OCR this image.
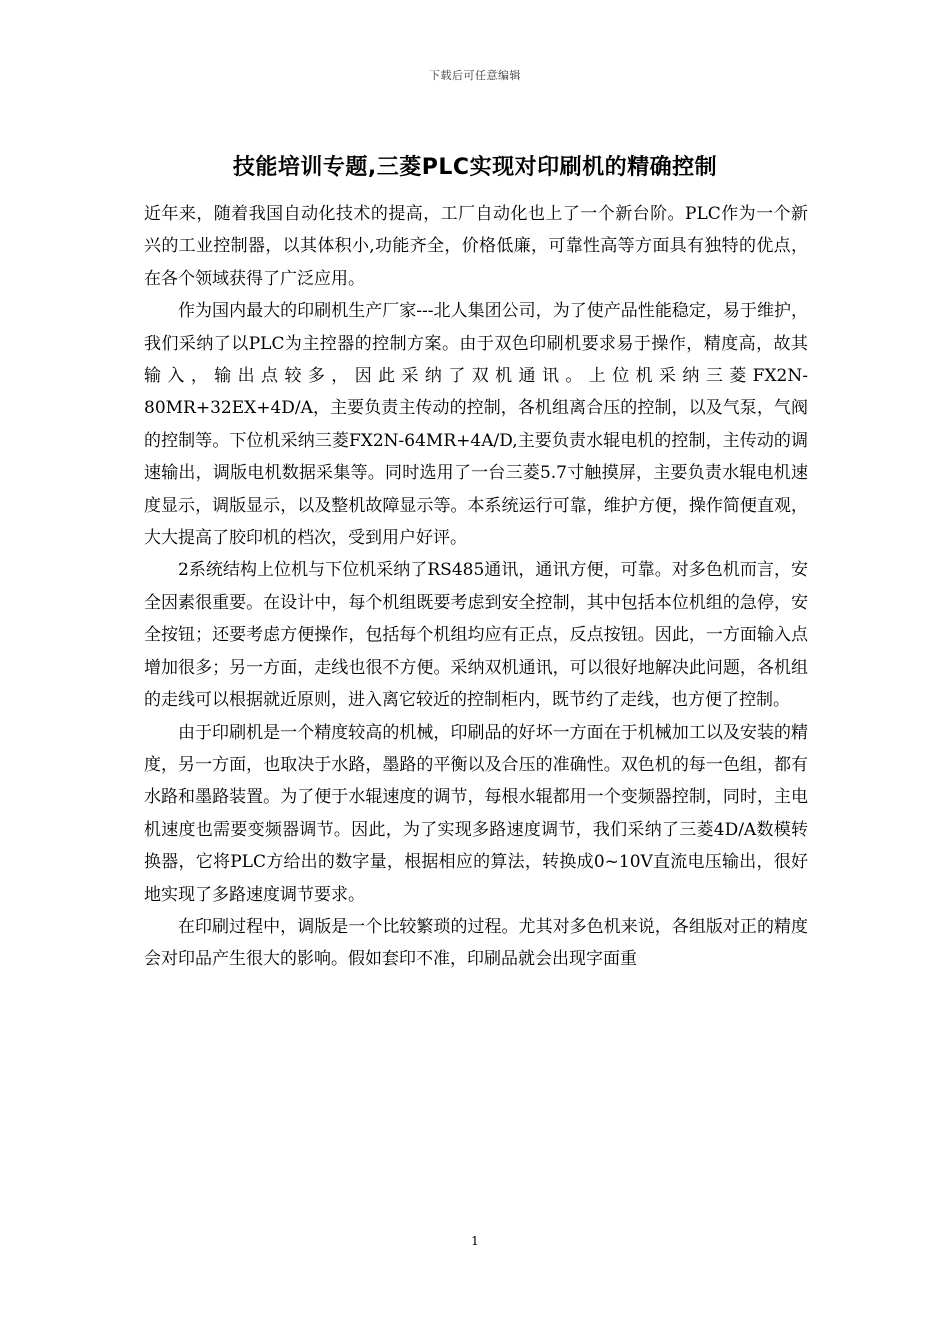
下载后可任意编辑
技能培训专题,三菱PLC实现对印刷机的精确控制

近年来，随着我国自动化技术的提高，工厂自动化也上了一个新台阶。PLC作为一个新兴的工业控制器，以其体积小,功能齐全，价格低廉，可靠性高等方面具有独特的优点，在各个领域获得了广泛应用。

作为国内最大的印刷机生产厂家---北人集团公司，为了使产品性能稳定，易于维护，我们采纳了以PLC为主控器的控制方案。由于双色印刷机要求易于操作，精度高，故其输入，输出点较多，因此采纳了双机通讯。上位机采纳三菱FX2N-80MR+32EX+4D/A，主要负责主传动的控制，各机组离合压的控制，以及气泵，气阀的控制等。下位机采纳三菱FX2N-64MR+4A/D,主要负责水辊电机的控制，主传动的调速输出，调版电机数据采集等。同时选用了一台三菱5.7寸触摸屏，主要负责水辊电机速度显示，调版显示，以及整机故障显示等。本系统运行可靠，维护方便，操作简便直观，大大提高了胶印机的档次，受到用户好评。

2系统结构上位机与下位机采纳了RS485通讯，通讯方便，可靠。对多色机而言，安全因素很重要。在设计中，每个机组既要考虑到安全控制，其中包括本位机组的急停，安全按钮；还要考虑方便操作，包括每个机组均应有正点，反点按钮。因此，一方面输入点增加很多；另一方面，走线也很不方便。采纳双机通讯，可以很好地解决此问题，各机组的走线可以根据就近原则，进入离它较近的控制柜内，既节约了走线，也方便了控制。

由于印刷机是一个精度较高的机械，印刷品的好坏一方面在于机械加工以及安装的精度，另一方面，也取决于水路，墨路的平衡以及合压的准确性。双色机的每一色组，都有水路和墨路装置。为了便于水辊速度的调节，每根水辊都用一个变频器控制，同时，主电机速度也需要变频器调节。因此，为了实现多路速度调节，我们采纳了三菱4D/A数模转换器，它将PLC方给出的数字量，根据相应的算法，转换成0~10V直流电压输出，很好地实现了多路速度调节要求。

在印刷过程中，调版是一个比较繁琐的过程。尤其对多色机来说，各组版对正的精度会对印品产生很大的影响。假如套印不准，印刷品就会出现字面重

1
